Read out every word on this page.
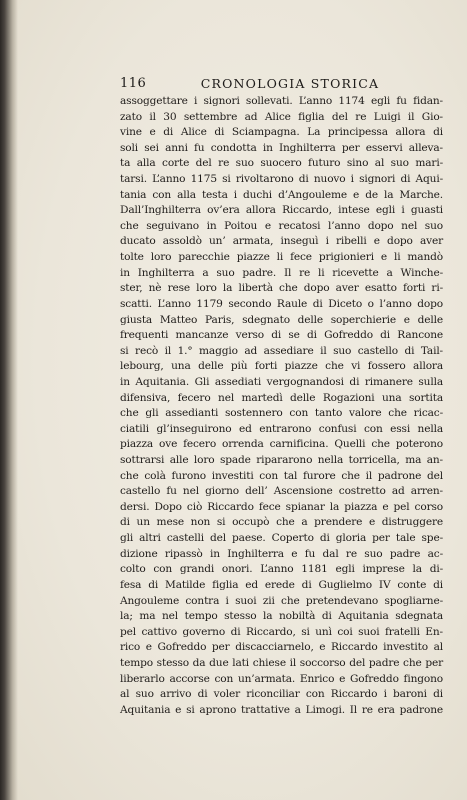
116	CRONOLOGIA STORICA
assoggettare i signori sollevati. L’anno 1174 egli fu fidan-
zato il 30 settembre ad Alice figlia del re Luigi il Gio-
vine e di Alice di Sciampagna. La principessa allora di
soli sei anni fu condotta in Inghilterra per esservi alleva-
ta alla corte del re suo suocero futuro sino al suo mari-
tarsi. L’anno 1175 si rivoltarono di nuovo i signori di Aqui-
tania con alla testa i duchi d’Angouleme e de la Marche.
Dall’Inghilterra ov’era allora Riccardo, intese egli i guasti
che seguivano in Poitou e recatosi l’anno dopo nel suo
ducato assoldò un’ armata, inseguì i ribelli e dopo aver
tolte loro parecchie piazze li fece prigionieri e li mandò
in Inghilterra a suo padre. Il re li ricevette a Winche-
ster, nè rese loro la libertà che dopo aver esatto forti ri-
scatti. L’anno 1179 secondo Raule di Diceto o l’anno dopo
giusta Matteo Paris, sdegnato delle soperchierie e delle
frequenti mancanze verso di se di Gofreddo di Rancone
si recò il 1.° maggio ad assediare il suo castello di Tail-
lebourg, una delle più forti piazze che vi fossero allora
in Aquitania. Gli assediati vergognandosi di rimanere sulla
difensiva, fecero nel martedì delle Rogazioni una sortita
che gli assedianti sostennero con tanto valore che ricac-
ciatili gl’inseguirono ed entrarono confusi con essi nella
piazza ove fecero orrenda carnificina. Quelli che poterono
sottrarsi alle loro spade ripararono nella torricella, ma an-
che colà furono investiti con tal furore che il padrone del
castello fu nel giorno dell’ Ascensione costretto ad arren-
dersi. Dopo ciò Riccardo fece spianar la piazza e pel corso
di un mese non si occupò che a prendere e distruggere
gli altri castelli del paese. Coperto di gloria per tale spe-
dizione ripassò in Inghilterra e fu dal re suo padre ac-
colto con grandi onori. L’anno 1181 egli imprese la di-
fesa di Matilde figlia ed erede di Guglielmo IV conte di
Angouleme contra i suoi zii che pretendevano spogliarne-
la; ma nel tempo stesso la nobiltà di Aquitania sdegnata
pel cattivo governo di Riccardo, si unì coi suoi fratelli En-
rico e Gofreddo per discacciarnelo, e Riccardo investito al
tempo stesso da due lati chiese il soccorso del padre che per
liberarlo accorse con un’armata. Enrico e Gofreddo fingono
al suo arrivo di voler riconciliar con Riccardo i baroni di
Aquitania e si aprono trattative a Limogi. Il re era padrone
